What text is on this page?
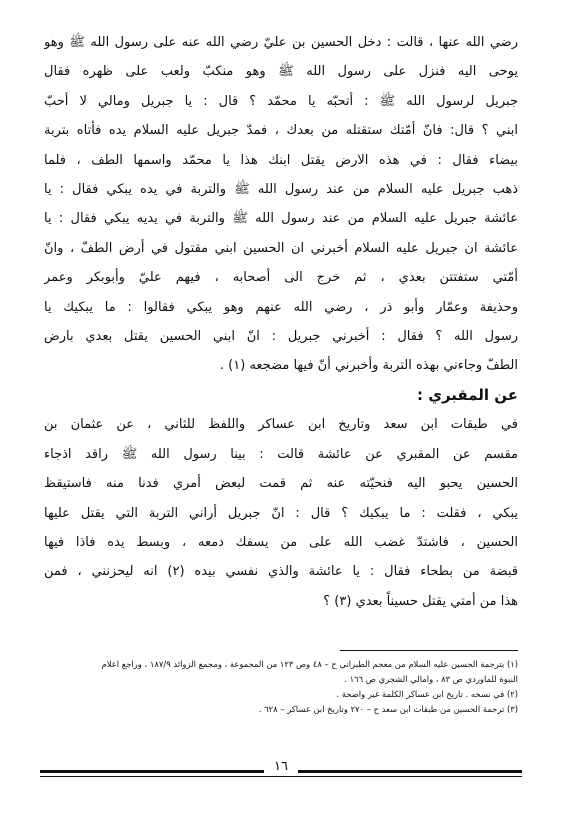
رضي الله عنها ، قالت : دخل الحسين بن عليّ رضي الله عنه على رسول الله ﷺ وهو
يوحى اليه فنزل على رسول الله ﷺ وهو منكبّ ولعب على ظهره فقال
جبريل لرسول الله ﷺ : أتحبّه يا محمّد ؟ قال : يا جبريل ومالي لا أحبّ
ابني ؟ قال: فانّ أمّتك ستقتله من بعدك ، فمدّ جبريل عليه السلام يده فأتاه بتربة
بيضاء فقال : في هذه الارض يقتل ابنك هذا يا محمّد واسمها الطف ، فلما
ذهب جبريل عليه السلام من عند رسول الله ﷺ والتربة في يده يبكي فقال : يا
عائشة جبريل عليه السلام من عند رسول الله ﷺ والتربة في يديه يبكي فقال : يا
عائشة ان جبريل عليه السلام أخبرني ان الحسين ابني مقتول في أرض الطفّ ، وانّ
أمّتي ستفتتن بعدي ، ثم خرج الى أصحابه ، فيهم عليّ وأبوبكر وعمر
وحذيفة وعمّار وأبو ذر ، رضي الله عنهم وهو يبكي فقالوا : ما يبكيك يا
رسول الله ؟ فقال : أخبرني جبريل : انّ ابني الحسين يقتل بعدي بارض
الطفّ وجاءني بهذه التربة وأخبرني أنّ فيها مضجعه (١) .
عن المقبري :
في طبقات ابن سعد وتاريخ ابن عساكر واللفظ للثاني ، عن عثمان بن
مقسم عن المقبري عن عائشة قالت : بينا رسول الله ﷺ راقد اذجاء
الحسين يحبو اليه فنحيّته عنه ثم قمت لبعض أمري فدنا منه فاستيقظ
يبكي ، فقلت : ما يبكيك ؟ قال : انّ جبريل أراني التربة التي يقتل عليها
الحسين ، فاشتدّ غضب الله على من يسفك دمعه ، وبسط يده فاذا فيها
قبضة من بطحاء فقال : يا عائشة والذي نفسي بيده (٢) انه ليحزنني ، فمن
هذا من أمتي يقتل حسيناً بعدي (٣) ؟
(١) بترجمة الحسين عليه السلام من معجم الطبراني ح – ٤٨ وص ١٢٣ من المجموعة ، ومجمع الزوائد ١٨٧/٩ ، وراجع اعلام
النبوة للماوردي ص ٨٣ ، وامالي الشجري ص ١٦٦ .
(٢) في نسخه . تاريخ ابن عساكر الكلمة غير واضحة .
(٣) ترجمة الحسين من طبقات ابن سعد ح – ٢٧٠ وتاريخ ابن عساكر – ٦٢٨ .
١٦
